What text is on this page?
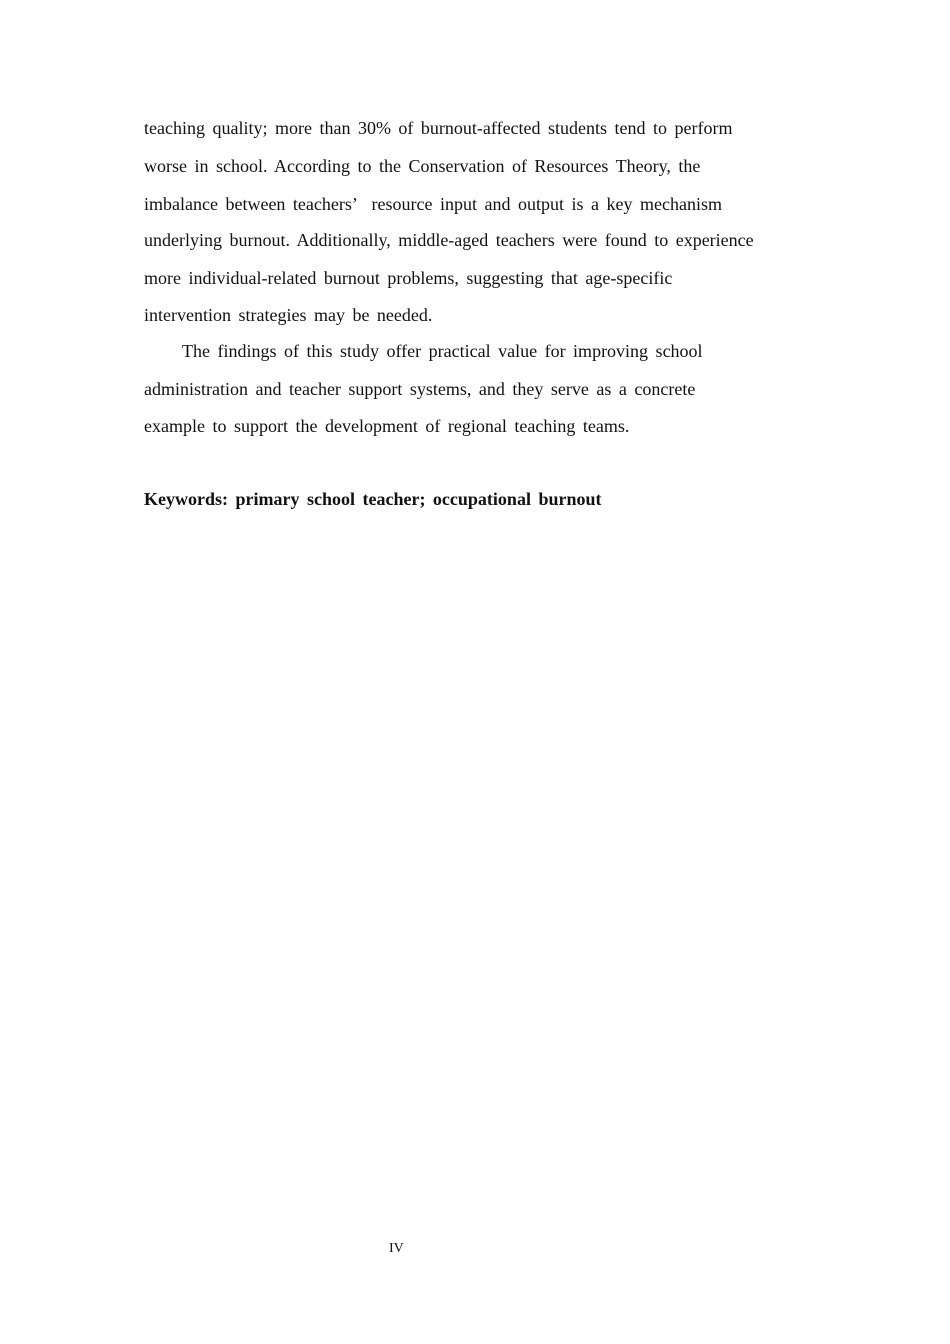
teaching quality; more than 30% of burnout-affected students tend to perform
worse in school. According to the Conservation of Resources Theory, the
imbalance between teachers’  resource input and output is a key mechanism
underlying burnout. Additionally, middle-aged teachers were found to experience
more individual-related burnout problems, suggesting that age-specific
intervention strategies may be needed.
The findings of this study offer practical value for improving school
administration and teacher support systems, and they serve as a concrete
example to support the development of regional teaching teams.
Keywords: primary school teacher; occupational burnout
IV
